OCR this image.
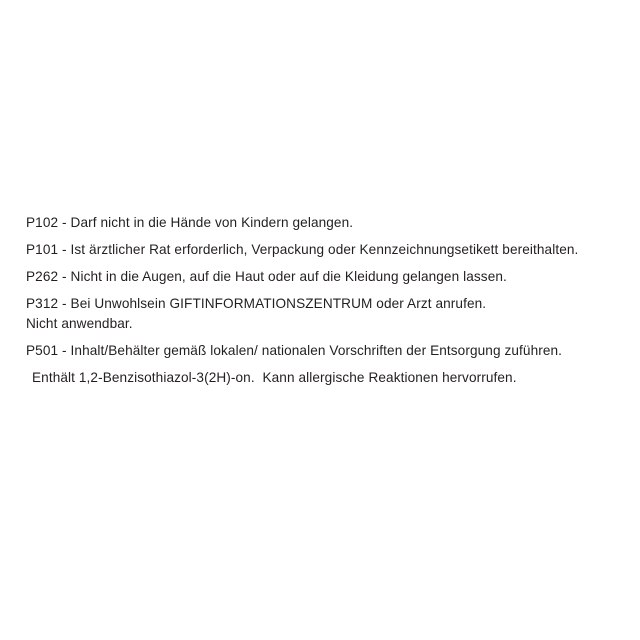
P102 - Darf nicht in die Hände von Kindern gelangen.

P101 - Ist ärztlicher Rat erforderlich, Verpackung oder Kennzeichnungsetikett bereithalten.

P262 - Nicht in die Augen, auf die Haut oder auf die Kleidung gelangen lassen.

P312 - Bei Unwohlsein GIFTINFORMATIONSZENTRUM oder Arzt anrufen.

Nicht anwendbar.

P501 - Inhalt/Behälter gemäß lokalen/ nationalen Vorschriften der Entsorgung zuführen.

Enthält 1,2-Benzisothiazol-3(2H)-on.  Kann allergische Reaktionen hervorrufen.
